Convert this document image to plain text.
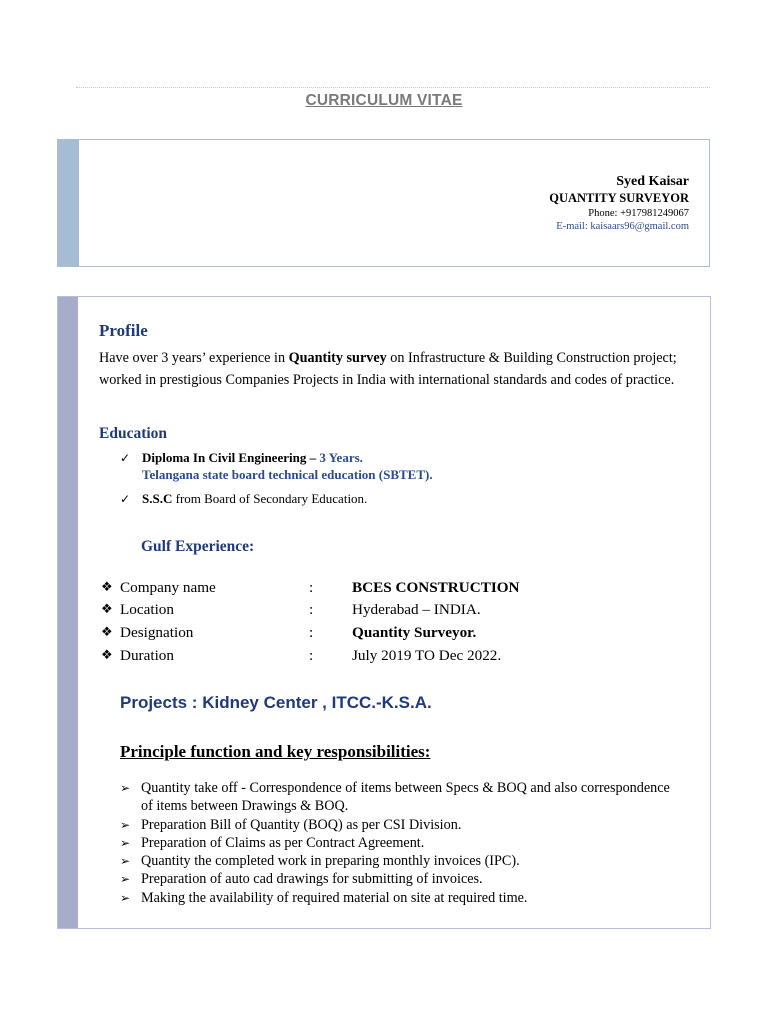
CURRICULUM VITAE
Syed Kaisar
QUANTITY SURVEYOR
Phone: +917981249067
E-mail: kaisaars96@gmail.com
Profile
Have over 3 years’ experience in Quantity survey on Infrastructure & Building Construction project; worked in prestigious Companies Projects in India with international standards and codes of practice.
Education
✓ Diploma In Civil Engineering – 3 Years.
Telangana state board technical education (SBTET).
✓ S.S.C from Board of Secondary Education.
Gulf Experience:
❖ Company name	:	BCES CONSTRUCTION
❖ Location	:	Hyderabad – INDIA.
❖ Designation	:	Quantity Surveyor.
❖ Duration	:	July 2019 TO Dec 2022.
Projects : Kidney Center , ITCC.-K.S.A.
Principle function and key responsibilities:
➢ Quantity take off - Correspondence of items between Specs & BOQ and also correspondence of items between Drawings & BOQ.
➢ Preparation Bill of Quantity (BOQ) as per CSI Division.
➢ Preparation of Claims as per Contract Agreement.
➢ Quantity the completed work in preparing monthly invoices (IPC).
➢ Preparation of auto cad drawings for submitting of invoices.
➢ Making the availability of required material on site at required time.
